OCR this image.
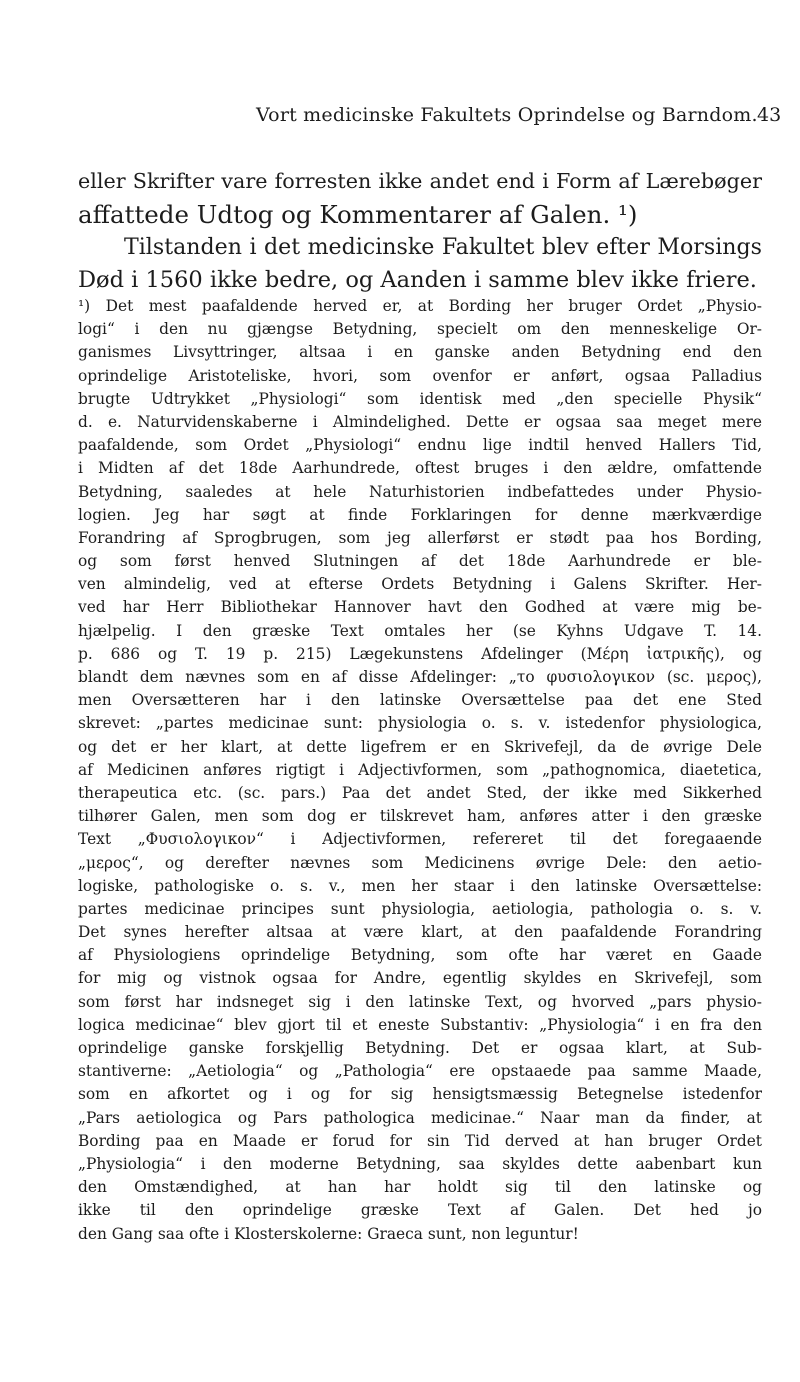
Vort medicinske Fakultets Oprindelse og Barndom. 43
eller Skrifter vare forresten ikke andet end i Form af Lærebøger
affattede Udtog og Kommentarer af Galen. ¹)
Tilstanden i det medicinske Fakultet blev efter Morsings
Død i 1560 ikke bedre, og Aanden i samme blev ikke friere.
¹) Det mest paafaldende herved er, at Bording her bruger Ordet „Physio-
logi“ i den nu gjængse Betydning, specielt om den menneskelige Or-
ganismes Livsyttringer, altsaa i en ganske anden Betydning end den
oprindelige Aristoteliske, hvori, som ovenfor er anført, ogsaa Palladius
brugte Udtrykket „Physiologi“ som identisk med „den specielle Physik“
d. e. Naturvidenskaberne i Almindelighed. Dette er ogsaa saa meget mere
paafaldende, som Ordet „Physiologi“ endnu lige indtil henved Hallers Tid,
i Midten af det 18de Aarhundrede, oftest bruges i den ældre, omfattende
Betydning, saaledes at hele Naturhistorien indbefattedes under Physio-
logien. Jeg har søgt at finde Forklaringen for denne mærkværdige
Forandring af Sprogbrugen, som jeg allerførst er stødt paa hos Bording,
og som først henved Slutningen af det 18de Aarhundrede er ble-
ven almindelig, ved at efterse Ordets Betydning i Galens Skrifter. Her-
ved har Herr Bibliothekar Hannover havt den Godhed at være mig be-
hjælpelig. I den græske Text omtales her (se Kyhns Udgave T. 14.
p. 686 og T. 19 p. 215) Lægekunstens Afdelinger (Μέρη ἰατρικῆς), og
blandt dem nævnes som en af disse Afdelinger: „το φυσιολογικον (sc. μερος),
men Oversætteren har i den latinske Oversættelse paa det ene Sted
skrevet: „partes medicinae sunt: physiologia o. s. v. istedenfor physiologica,
og det er her klart, at dette ligefrem er en Skrivefejl, da de øvrige Dele
af Medicinen anføres rigtigt i Adjectivformen, som „pathognomica, diaetetica,
therapeutica etc. (sc. pars.) Paa det andet Sted, der ikke med Sikkerhed
tilhører Galen, men som dog er tilskrevet ham, anføres atter i den græske
Text „Φυσιολογικον“ i Adjectivformen, refereret til det foregaaende
„μερος“, og derefter nævnes som Medicinens øvrige Dele: den aetio-
logiske, pathologiske o. s. v., men her staar i den latinske Oversættelse:
partes medicinae principes sunt physiologia, aetiologia, pathologia o. s. v.
Det synes herefter altsaa at være klart, at den paafaldende Forandring
af Physiologiens oprindelige Betydning, som ofte har været en Gaade
for mig og vistnok ogsaa for Andre, egentlig skyldes en Skrivefejl, som
som først har indsneget sig i den latinske Text, og hvorved „pars physio-
logica medicinae“ blev gjort til et eneste Substantiv: „Physiologia“ i en fra den
oprindelige ganske forskjellig Betydning. Det er ogsaa klart, at Sub-
stantiverne: „Aetiologia“ og „Pathologia“ ere opstaaede paa samme Maade,
som en afkortet og i og for sig hensigtsmæssig Betegnelse istedenfor
„Pars aetiologica og Pars pathologica medicinae.“ Naar man da finder, at
Bording paa en Maade er forud for sin Tid derved at han bruger Ordet
„Physiologia“ i den moderne Betydning, saa skyldes dette aabenbart kun
den Omstændighed, at han har holdt sig til den latinske og
ikke til den oprindelige græske Text af Galen. Det hed jo
den Gang saa ofte i Klosterskolerne: Graeca sunt, non leguntur!
